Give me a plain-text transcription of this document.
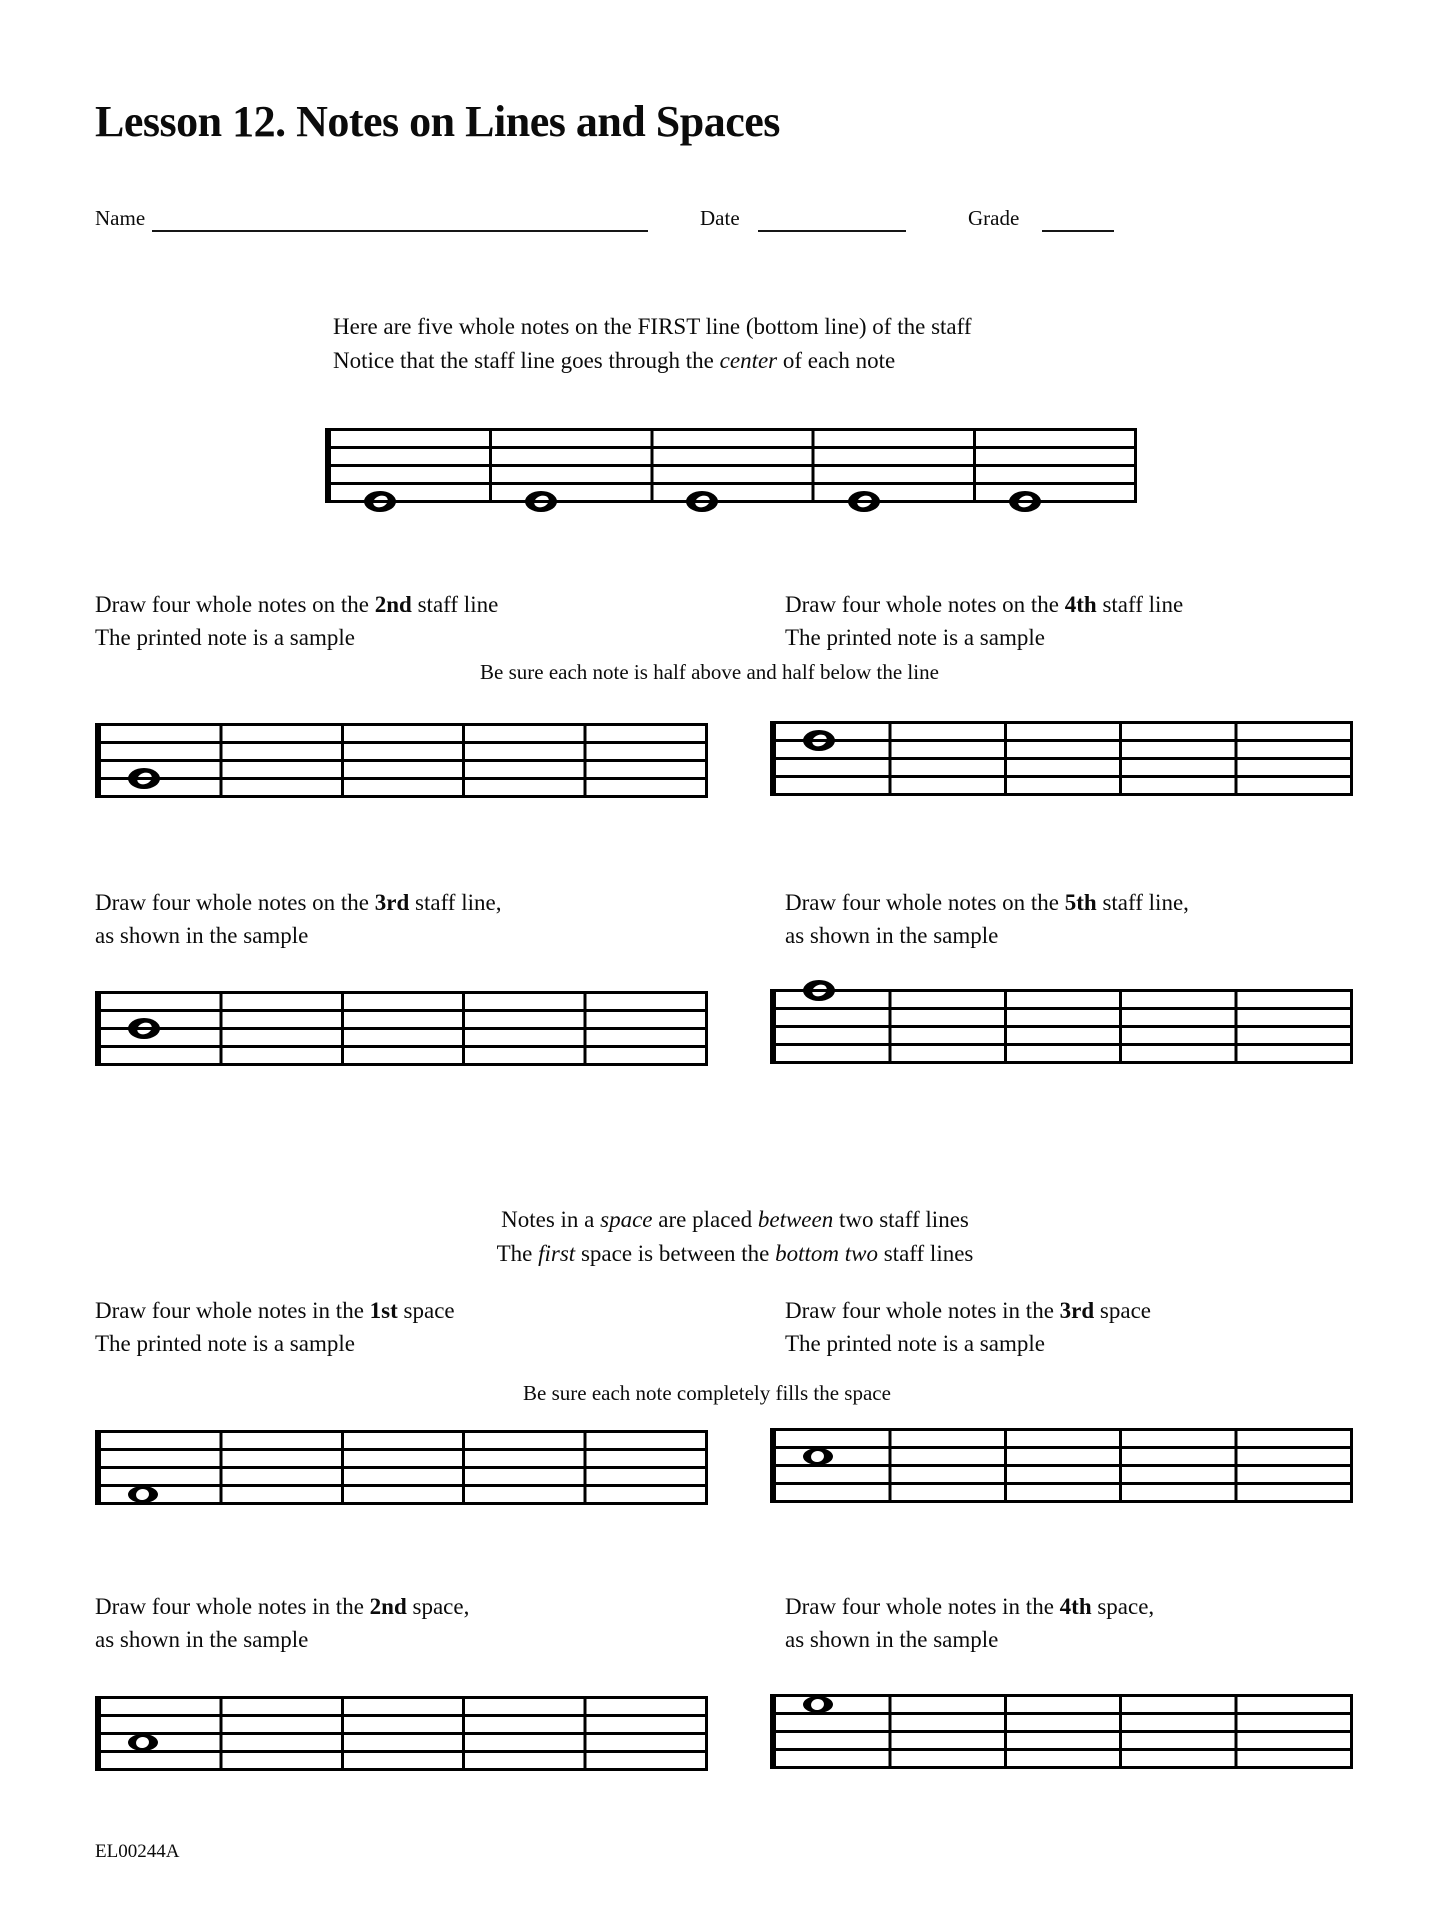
Lesson 12. Notes on Lines and Spaces
Name	Date	Grade
Here are five whole notes on the FIRST line (bottom line) of the staff
Notice that the staff line goes through the center of each note
Draw four whole notes on the 2nd staff line
The printed note is a sample
Draw four whole notes on the 4th staff line
The printed note is a sample
Be sure each note is half above and half below the line
Draw four whole notes on the 3rd staff line,
as shown in the sample
Draw four whole notes on the 5th staff line,
as shown in the sample
Notes in a space are placed between two staff lines
The first space is between the bottom two staff lines
Draw four whole notes in the 1st space
The printed note is a sample
Draw four whole notes in the 3rd space
The printed note is a sample
Be sure each note completely fills the space
Draw four whole notes in the 2nd space,
as shown in the sample
Draw four whole notes in the 4th space,
as shown in the sample
EL00244A
